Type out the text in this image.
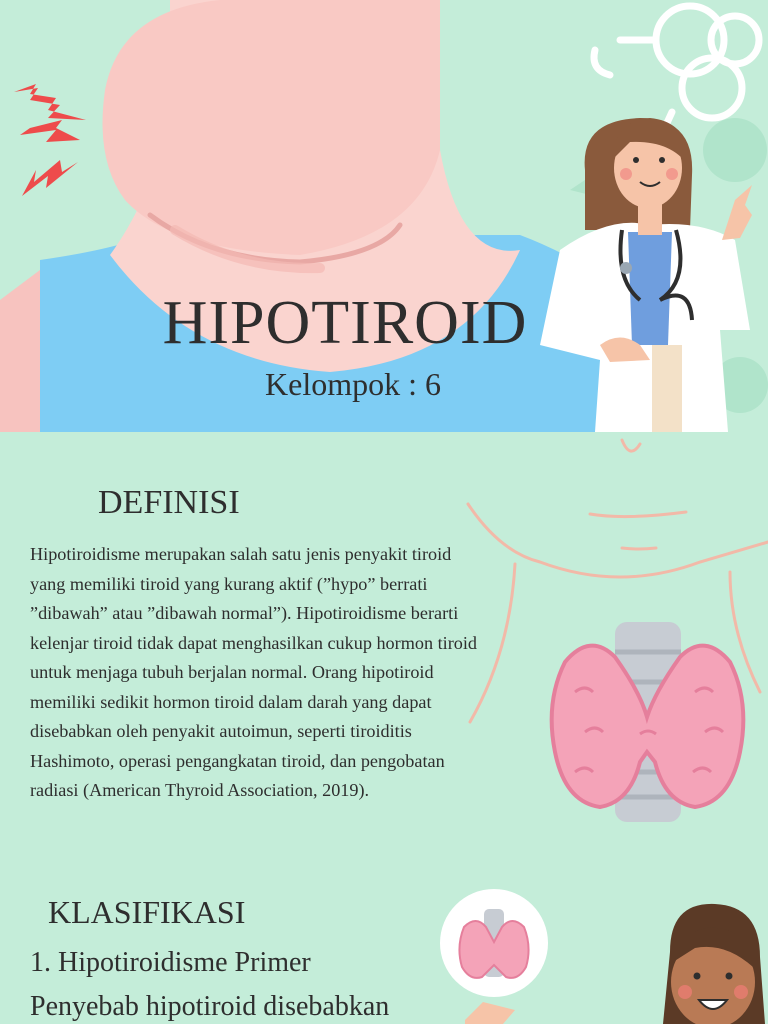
HIPOTIROID
Kelompok : 6
DEFINISI
Hipotiroidisme merupakan salah satu jenis penyakit tiroid yang memiliki tiroid yang kurang aktif (”hypo” berrati ”dibawah” atau ”dibawah normal”). Hipotiroidisme berarti kelenjar tiroid tidak dapat menghasilkan cukup hormon tiroid untuk menjaga tubuh berjalan normal. Orang hipotiroid memiliki sedikit hormon tiroid dalam darah yang dapat disebabkan oleh penyakit autoimun, seperti tiroiditis Hashimoto, operasi pengangkatan tiroid, dan pengobatan radiasi (American Thyroid Association, 2019).
KLASIFIKASI
1. Hipotiroidisme Primer
Penyebab hipotiroid disebabkan
